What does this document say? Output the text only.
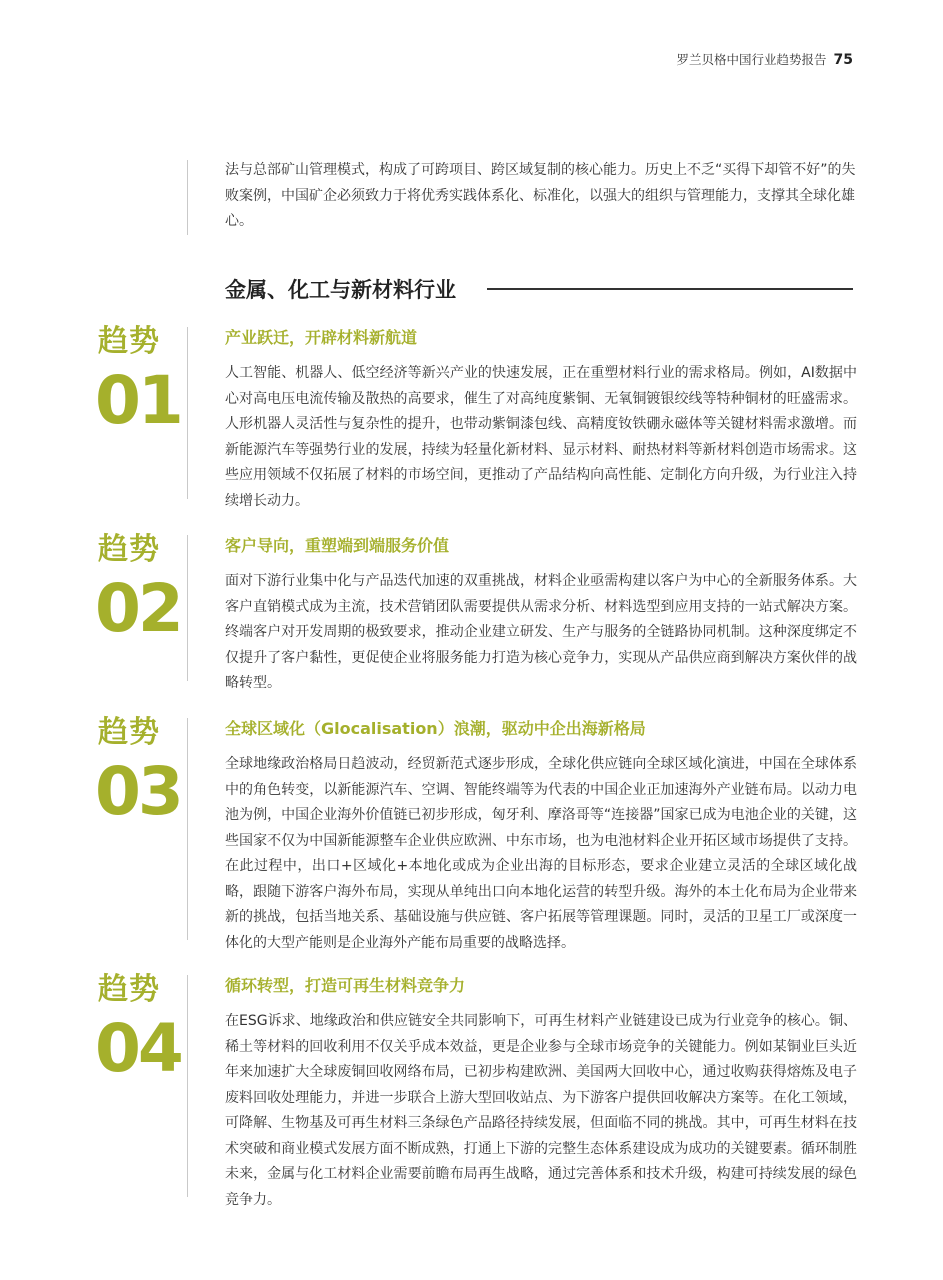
罗兰贝格中国行业趋势报告 75

法与总部矿山管理模式，构成了可跨项目、跨区域复制的核心能力。历史上不乏“买得下却管不好”的失败案例，中国矿企必须致力于将优秀实践体系化、标准化，以强大的组织与管理能力，支撑其全球化雄心。

金属、化工与新材料行业
趋势
01
产业跃迁，开辟材料新航道

人工智能、机器人、低空经济等新兴产业的快速发展，正在重塑材料行业的需求格局。例如，AI数据中心对高电压电流传输及散热的高要求，催生了对高纯度紫铜、无氧铜镀银绞线等特种铜材的旺盛需求。人形机器人灵活性与复杂性的提升，也带动紫铜漆包线、高精度钕铁硼永磁体等关键材料需求激增。而新能源汽车等强势行业的发展，持续为轻量化新材料、显示材料、耐热材料等新材料创造市场需求。这些应用领域不仅拓展了材料的市场空间，更推动了产品结构向高性能、定制化方向升级，为行业注入持续增长动力。

趋势
02
客户导向，重塑端到端服务价值

面对下游行业集中化与产品迭代加速的双重挑战，材料企业亟需构建以客户为中心的全新服务体系。大客户直销模式成为主流，技术营销团队需要提供从需求分析、材料选型到应用支持的一站式解决方案。终端客户对开发周期的极致要求，推动企业建立研发、生产与服务的全链路协同机制。这种深度绑定不仅提升了客户黏性，更促使企业将服务能力打造为核心竞争力，实现从产品供应商到解决方案伙伴的战略转型。

趋势
03
全球区域化（Glocalisation）浪潮，驱动中企出海新格局

全球地缘政治格局日趋波动，经贸新范式逐步形成，全球化供应链向全球区域化演进，中国在全球体系中的角色转变，以新能源汽车、空调、智能终端等为代表的中国企业正加速海外产业链布局。以动力电池为例，中国企业海外价值链已初步形成，匈牙利、摩洛哥等“连接器”国家已成为电池企业的关键，这些国家不仅为中国新能源整车企业供应欧洲、中东市场，也为电池材料企业开拓区域市场提供了支持。在此过程中，出口+区域化+本地化或成为企业出海的目标形态，要求企业建立灵活的全球区域化战略，跟随下游客户海外布局，实现从单纯出口向本地化运营的转型升级。海外的本土化布局为企业带来新的挑战，包括当地关系、基础设施与供应链、客户拓展等管理课题。同时，灵活的卫星工厂或深度一体化的大型产能则是企业海外产能布局重要的战略选择。

趋势
04
循环转型，打造可再生材料竞争力

在ESG诉求、地缘政治和供应链安全共同影响下，可再生材料产业链建设已成为行业竞争的核心。铜、稀土等材料的回收利用不仅关乎成本效益，更是企业参与全球市场竞争的关键能力。例如某铜业巨头近年来加速扩大全球废铜回收网络布局，已初步构建欧洲、美国两大回收中心，通过收购获得熔炼及电子废料回收处理能力，并进一步联合上游大型回收站点、为下游客户提供回收解决方案等。在化工领域，可降解、生物基及可再生材料三条绿色产品路径持续发展，但面临不同的挑战。其中，可再生材料在技术突破和商业模式发展方面不断成熟，打通上下游的完整生态体系建设成为成功的关键要素。循环制胜未来，金属与化工材料企业需要前瞻布局再生战略，通过完善体系和技术升级，构建可持续发展的绿色竞争力。
